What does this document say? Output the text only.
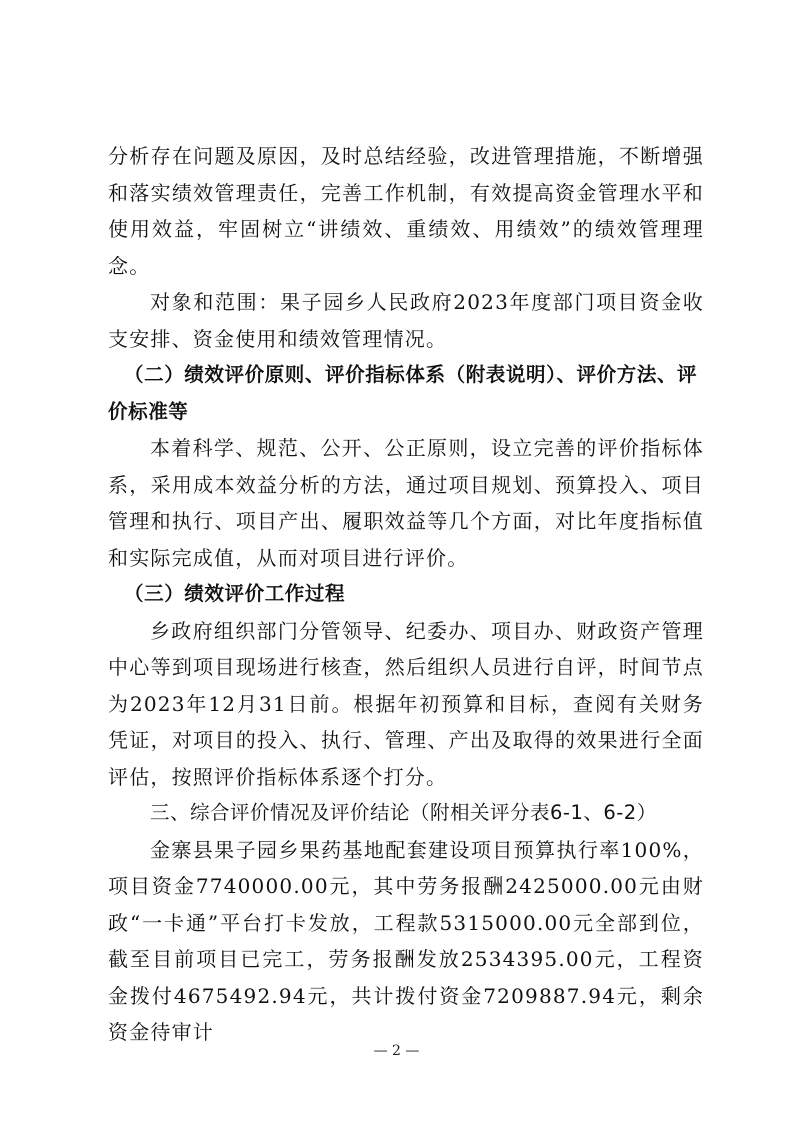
分析存在问题及原因，及时总结经验，改进管理措施，不断增强和落实绩效管理责任，完善工作机制，有效提高资金管理水平和使用效益，牢固树立“讲绩效、重绩效、用绩效”的绩效管理理念。

对象和范围：果子园乡人民政府2023年度部门项目资金收支安排、资金使用和绩效管理情况。

（二）绩效评价原则、评价指标体系（附表说明）、评价方法、评价标准等

本着科学、规范、公开、公正原则，设立完善的评价指标体系，采用成本效益分析的方法，通过项目规划、预算投入、项目管理和执行、项目产出、履职效益等几个方面，对比年度指标值和实际完成值，从而对项目进行评价。

（三）绩效评价工作过程

乡政府组织部门分管领导、纪委办、项目办、财政资产管理中心等到项目现场进行核查，然后组织人员进行自评，时间节点为2023年12月31日前。根据年初预算和目标，查阅有关财务凭证，对项目的投入、执行、管理、产出及取得的效果进行全面评估，按照评价指标体系逐个打分。

三、综合评价情况及评价结论（附相关评分表6-1、6-2）

金寨县果子园乡果药基地配套建设项目预算执行率100%，项目资金7740000.00元，其中劳务报酬2425000.00元由财政“一卡通”平台打卡发放，工程款5315000.00元全部到位，截至目前项目已完工，劳务报酬发放2534395.00元，工程资金拨付4675492.94元，共计拨付资金7209887.94元，剩余资金待审计

— 2 —
